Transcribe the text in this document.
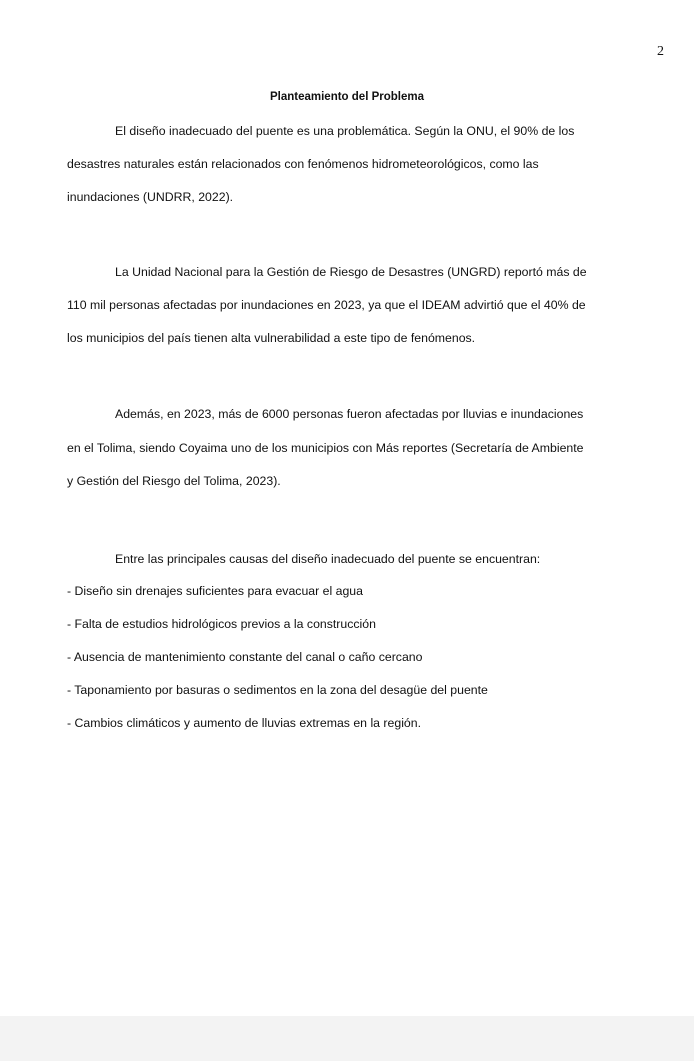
2
Planteamiento del Problema
El diseño inadecuado del puente es una problemática. Según la ONU, el 90% de los
desastres naturales están relacionados con fenómenos hidrometeorológicos, como las
inundaciones (UNDRR, 2022).
La Unidad Nacional para la Gestión de Riesgo de Desastres (UNGRD) reportó más de
110 mil personas afectadas por inundaciones en 2023, ya que el IDEAM advirtió que el 40% de
los municipios del país tienen alta vulnerabilidad a este tipo de fenómenos.
Además, en 2023, más de 6000 personas fueron afectadas por lluvias e inundaciones
en el Tolima, siendo Coyaima uno de los municipios con Más reportes (Secretaría de Ambiente
y Gestión del Riesgo del Tolima, 2023).
Entre las principales causas del diseño inadecuado del puente se encuentran:
- Diseño sin drenajes suficientes para evacuar el agua
- Falta de estudios hidrológicos previos a la construcción
- Ausencia de mantenimiento constante del canal o caño cercano
- Taponamiento por basuras o sedimentos en la zona del desagüe del puente
- Cambios climáticos y aumento de lluvias extremas en la región.
